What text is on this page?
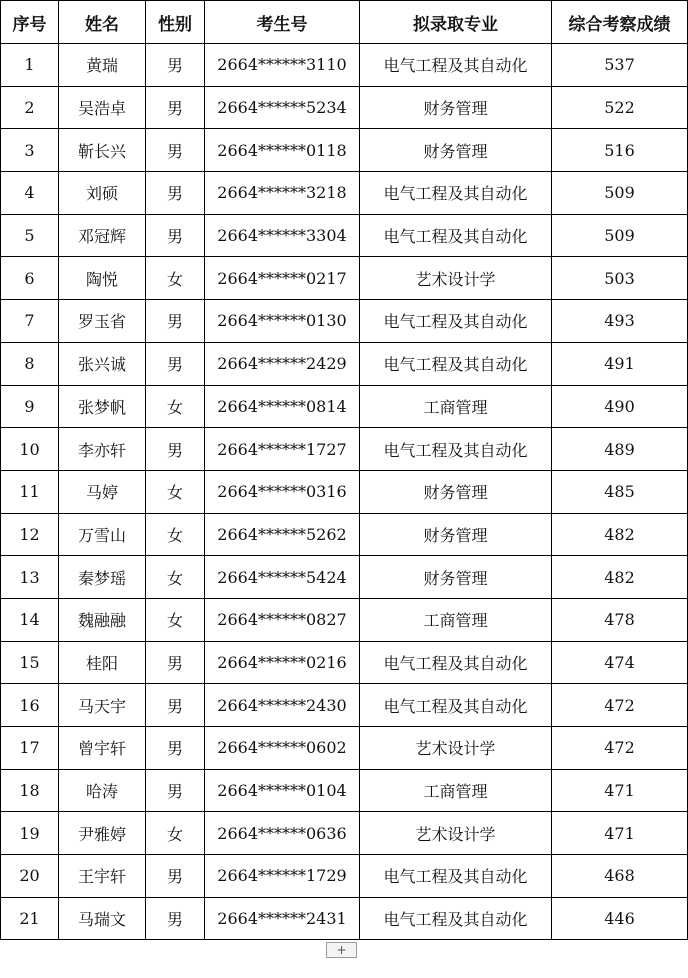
序号	姓名	性别	考生号	拟录取专业	综合考察成绩
1	黄瑞	男	2664******3110	电气工程及其自动化	537
2	吴浩卓	男	2664******5234	财务管理	522
3	靳长兴	男	2664******0118	财务管理	516
4	刘硕	男	2664******3218	电气工程及其自动化	509
5	邓冠辉	男	2664******3304	电气工程及其自动化	509
6	陶悦	女	2664******0217	艺术设计学	503
7	罗玉省	男	2664******0130	电气工程及其自动化	493
8	张兴诚	男	2664******2429	电气工程及其自动化	491
9	张梦帆	女	2664******0814	工商管理	490
10	李亦轩	男	2664******1727	电气工程及其自动化	489
11	马婷	女	2664******0316	财务管理	485
12	万雪山	女	2664******5262	财务管理	482
13	秦梦瑶	女	2664******5424	财务管理	482
14	魏融融	女	2664******0827	工商管理	478
15	桂阳	男	2664******0216	电气工程及其自动化	474
16	马天宇	男	2664******2430	电气工程及其自动化	472
17	曾宇轩	男	2664******0602	艺术设计学	472
18	哈涛	男	2664******0104	工商管理	471
19	尹雅婷	女	2664******0636	艺术设计学	471
20	王宇轩	男	2664******1729	电气工程及其自动化	468
21	马瑞文	男	2664******2431	电气工程及其自动化	446
+
